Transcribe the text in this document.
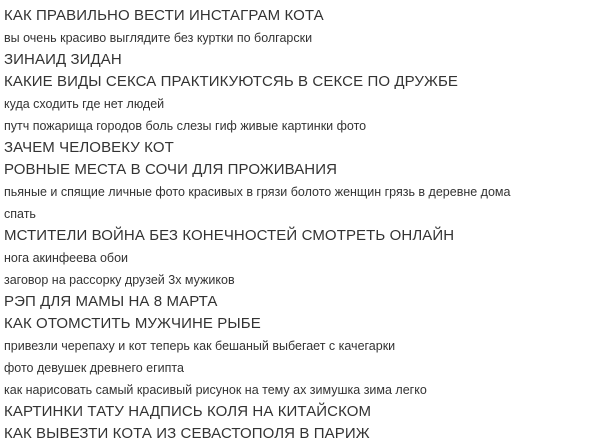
КАК ПРАВИЛЬНО ВЕСТИ ИНСТАГРАМ КОТА
вы очень красиво выглядите без куртки по болгарски
ЗИНАИД ЗИДАН
КАКИЕ ВИДЫ СЕКСА ПРАКТИКУЮТСЯЬ В СЕКСЕ ПО ДРУЖБЕ
куда сходить где нет людей
путч пожарища городов боль слезы гиф живые картинки фото
ЗАЧЕМ ЧЕЛОВЕКУ КОТ
РОВНЫЕ МЕСТА В СОЧИ ДЛЯ ПРОЖИВАНИЯ
пьяные и спящие личные фото красивых в грязи болото женщин грязь в деревне дома
спать
МСТИТЕЛИ ВОЙНА БЕЗ КОНЕЧНОСТЕЙ СМОТРЕТЬ ОНЛАЙН
нога акинфеева обои
заговор на рассорку друзей 3х мужиков
РЭП ДЛЯ МАМЫ НА 8 МАРТА
КАК ОТОМСТИТЬ МУЖЧИНЕ РЫБЕ
привезли черепаху и кот теперь как бешаный выбегает с качегарки
фото девушек древнего египта
как нарисовать самый красивый рисунок на тему ах зимушка зима легко
КАРТИНКИ ТАТУ НАДПИСЬ КОЛЯ НА КИТАЙСКОМ
КАК ВЫВЕЗТИ КОТА ИЗ СЕВАСТОПОЛЯ В ПАРИЖ
